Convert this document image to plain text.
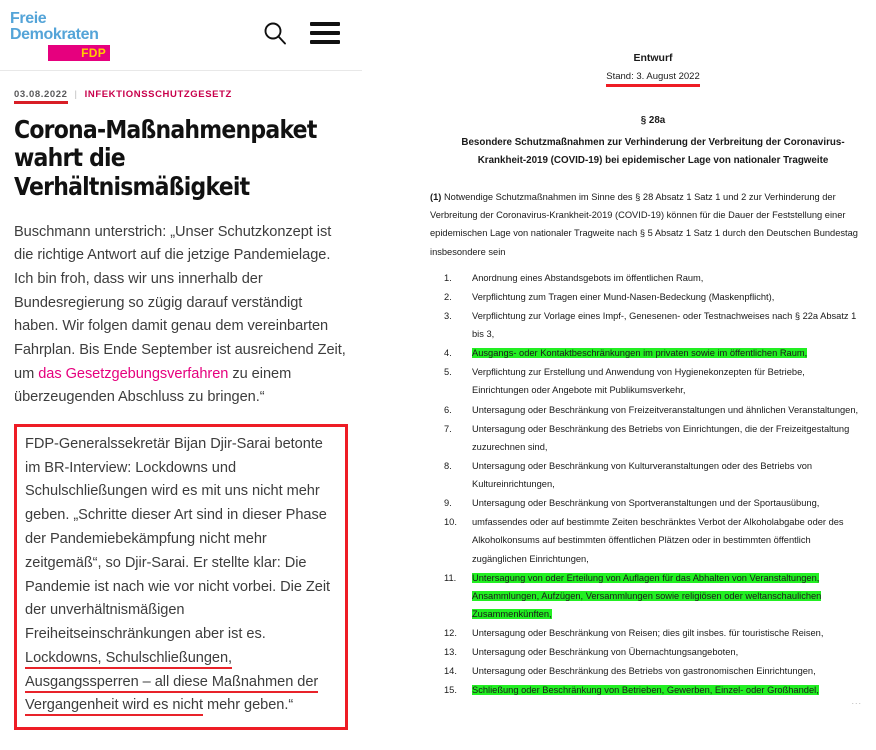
Freie
Demokraten
FDP
03.08.2022 | INFEKTIONSSCHUTZGESETZ
Corona-Maßnahmenpaket wahrt die Verhältnismäßigkeit

Buschmann unterstrich: „Unser Schutzkonzept ist die richtige Antwort auf die jetzige Pandemielage. Ich bin froh, dass wir uns innerhalb der Bundesregierung so zügig darauf verständigt haben. Wir folgen damit genau dem vereinbarten Fahrplan. Bis Ende September ist ausreichend Zeit, um das Gesetzgebungsverfahren zu einem überzeugenden Abschluss zu bringen.“

FDP-Generalssekretär Bijan Djir-Sarai betonte im BR-Interview: Lockdowns und Schulschließungen wird es mit uns nicht mehr geben. „Schritte dieser Art sind in dieser Phase der Pandemiebekämpfung nicht mehr zeitgemäß“, so Djir-Sarai. Er stellte klar: Die Pandemie ist nach wie vor nicht vorbei. Die Zeit der unverhältnismäßigen Freiheitseinschränkungen aber ist es. Lockdowns, Schulschließungen, Ausgangssperren – all diese Maßnahmen der Vergangenheit wird es nicht mehr geben.“

Entwurf
Stand: 3. August 2022
§ 28a
Besondere Schutzmaßnahmen zur Verhinderung der Verbreitung der Coronavirus-Krankheit-2019 (COVID-19) bei epidemischer Lage von nationaler Tragweite
(1) Notwendige Schutzmaßnahmen im Sinne des § 28 Absatz 1 Satz 1 und 2 zur Verhinderung der Verbreitung der Coronavirus-Krankheit-2019 (COVID-19) können für die Dauer der Feststellung einer epidemischen Lage von nationaler Tragweite nach § 5 Absatz 1 Satz 1 durch den Deutschen Bundestag insbesondere sein
1.	Anordnung eines Abstandsgebots im öffentlichen Raum,
2.	Verpflichtung zum Tragen einer Mund-Nasen-Bedeckung (Maskenpflicht),
3.	Verpflichtung zur Vorlage eines Impf-, Genesenen- oder Testnachweises nach § 22a Absatz 1 bis 3,
4.	Ausgangs- oder Kontaktbeschränkungen im privaten sowie im öffentlichen Raum,
5.	Verpflichtung zur Erstellung und Anwendung von Hygienekonzepten für Betriebe, Einrichtungen oder Angebote mit Publikumsverkehr,
6.	Untersagung oder Beschränkung von Freizeitveranstaltungen und ähnlichen Veranstaltungen,
7.	Untersagung oder Beschränkung des Betriebs von Einrichtungen, die der Freizeitgestaltung zuzurechnen sind,
8.	Untersagung oder Beschränkung von Kulturveranstaltungen oder des Betriebs von Kultureinrichtungen,
9.	Untersagung oder Beschränkung von Sportveranstaltungen und der Sportausübung,
10.	umfassendes oder auf bestimmte Zeiten beschränktes Verbot der Alkoholabgabe oder des Alkoholkonsums auf bestimmten öffentlichen Plätzen oder in bestimmten öffentlich zugänglichen Einrichtungen,
11.	Untersagung von oder Erteilung von Auflagen für das Abhalten von Veranstaltungen, Ansammlungen, Aufzügen, Versammlungen sowie religiösen oder weltanschaulichen Zusammenkünften,
12.	Untersagung oder Beschränkung von Reisen; dies gilt insbes. für touristische Reisen,
13.	Untersagung oder Beschränkung von Übernachtungsangeboten,
14.	Untersagung oder Beschränkung des Betriebs von gastronomischen Einrichtungen,
15.	Schließung oder Beschränkung von Betrieben, Gewerben, Einzel- oder Großhandel,
...
